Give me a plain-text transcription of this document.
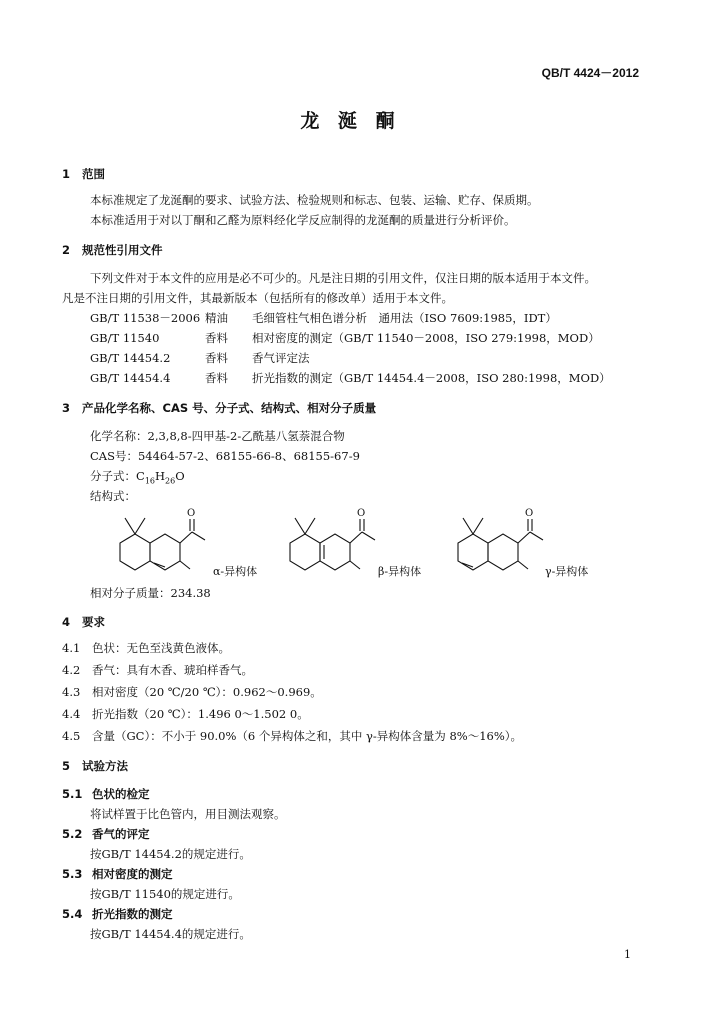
QB/T 4424－2012
龙 涎 酮
1 范围
本标准规定了龙涎酮的要求、试验方法、检验规则和标志、包装、运输、贮存、保质期。
本标准适用于对以丁酮和乙醛为原料经化学反应制得的龙涎酮的质量进行分析评价。
2 规范性引用文件
下列文件对于本文件的应用是必不可少的。凡是注日期的引用文件，仅注日期的版本适用于本文件。
凡是不注日期的引用文件，其最新版本（包括所有的修改单）适用于本文件。
GB/T 11538－2006 精油 毛细管柱气相色谱分析　通用法（ISO 7609:1985，IDT）
GB/T 11540	香料 相对密度的测定（GB/T 11540－2008，ISO 279:1998，MOD）
GB/T 14454.2	香料 香气评定法
GB/T 14454.4	香料 折光指数的测定（GB/T 14454.4－2008，ISO 280:1998，MOD）
3 产品化学名称、CAS 号、分子式、结构式、相对分子质量
化学名称：2,3,8,8-四甲基-2-乙酰基八氢萘混合物
CAS号：54464-57-2、68155-66-8、68155-67-9
分子式：$C_{16}H_{26}O$
结构式：
O
α-异构体
O
β-异构体
O
γ-异构体
相对分子质量：234.38
4 要求
4.1 色状：无色至浅黄色液体。
4.2 香气：具有木香、琥珀样香气。
4.3 相对密度（20 ℃/20 ℃）：0.962～0.969。
4.4 折光指数（20 ℃）：1.496 0～1.502 0。
4.5 含量（GC）：不小于 90.0%（6 个异构体之和，其中 γ-异构体含量为 8%～16%）。
5 试验方法
5.1 色状的检定
将试样置于比色管内，用目测法观察。
5.2 香气的评定
按GB/T 14454.2的规定进行。
5.3 相对密度的测定
按GB/T 11540的规定进行。
5.4 折光指数的测定
按GB/T 14454.4的规定进行。
1
